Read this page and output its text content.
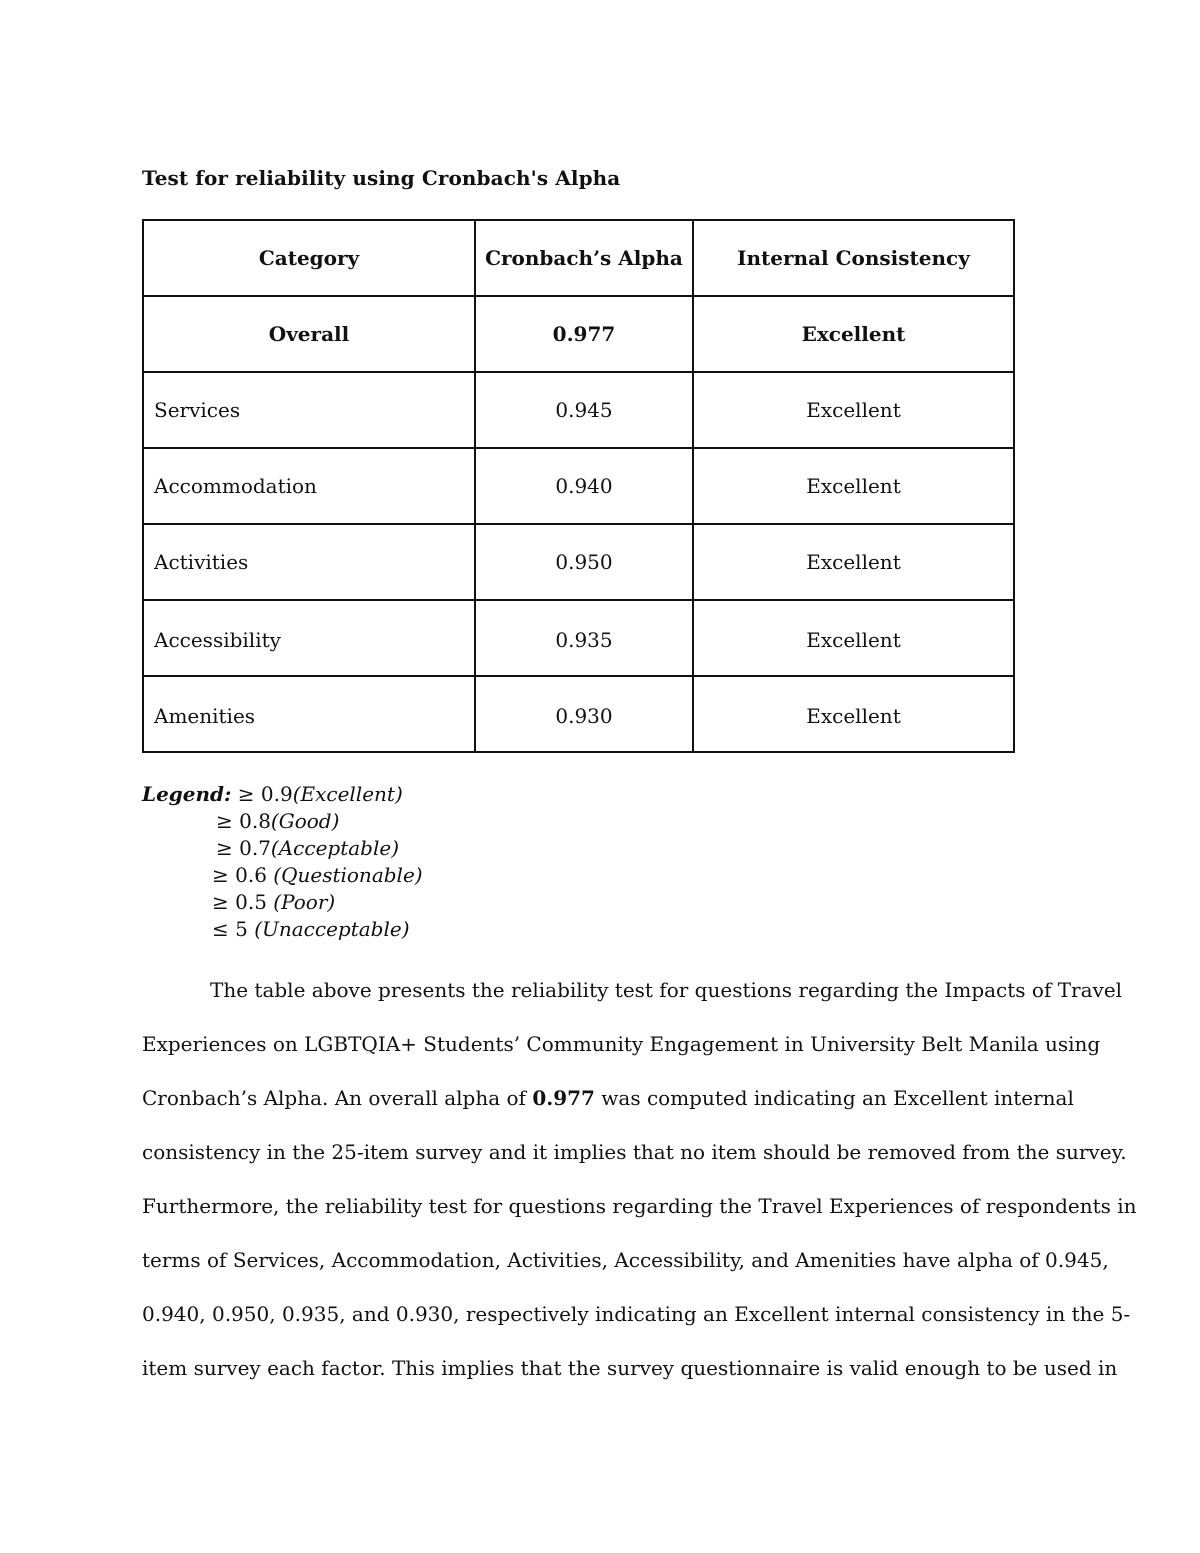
Test for reliability using Cronbach's Alpha
Category	Cronbach’s Alpha	Internal Consistency
Overall	0.977	Excellent
Services	0.945	Excellent
Accommodation	0.940	Excellent
Activities	0.950	Excellent

Accessibility	0.935	Excellent

Amenities	0.930	Excellent
Legend: ≥ 0.9(Excellent)
≥ 0.8(Good)
≥ 0.7(Acceptable)
≥ 0.6 (Questionable)
≥ 0.5 (Poor)
≤ 5 (Unacceptable)
The table above presents the reliability test for questions regarding the Impacts of Travel
Experiences on LGBTQIA+ Students’ Community Engagement in University Belt Manila using
Cronbach’s Alpha. An overall alpha of 0.977 was computed indicating an Excellent internal
consistency in the 25-item survey and it implies that no item should be removed from the survey.
Furthermore, the reliability test for questions regarding the Travel Experiences of respondents in
terms of Services, Accommodation, Activities, Accessibility, and Amenities have alpha of 0.945,
0.940, 0.950, 0.935, and 0.930, respectively indicating an Excellent internal consistency in the 5-
item survey each factor. This implies that the survey questionnaire is valid enough to be used in
